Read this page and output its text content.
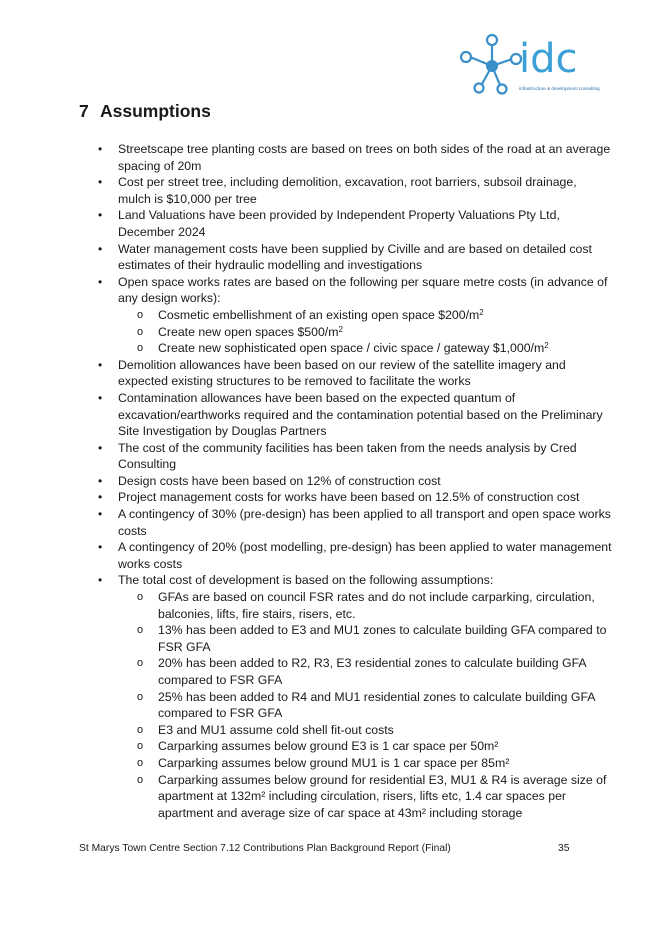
idc
infrastructure & development consulting
7 Assumptions
• Streetscape tree planting costs are based on trees on both sides of the road at an average spacing of 20m
• Cost per street tree, including demolition, excavation, root barriers, subsoil drainage, mulch is $10,000 per tree
• Land Valuations have been provided by Independent Property Valuations Pty Ltd, December 2024
• Water management costs have been supplied by Civille and are based on detailed cost estimates of their hydraulic modelling and investigations
• Open space works rates are based on the following per square metre costs (in advance of any design works):
o Cosmetic embellishment of an existing open space $\$200/m^2$
o Create new open spaces $\$500/m^2$
o Create new sophisticated open space / civic space / gateway $\$1,000/m^2$
• Demolition allowances have been based on our review of the satellite imagery and expected existing structures to be removed to facilitate the works
• Contamination allowances have been based on the expected quantum of excavation/earthworks required and the contamination potential based on the Preliminary Site Investigation by Douglas Partners
• The cost of the community facilities has been taken from the needs analysis by Cred Consulting
• Design costs have been based on 12% of construction cost
• Project management costs for works have been based on 12.5% of construction cost
• A contingency of 30% (pre-design) has been applied to all transport and open space works costs
• A contingency of 20% (post modelling, pre-design) has been applied to water management works costs
• The total cost of development is based on the following assumptions:
o GFAs are based on council FSR rates and do not include carparking, circulation, balconies, lifts, fire stairs, risers, etc.
o 13% has been added to E3 and MU1 zones to calculate building GFA compared to FSR GFA
o 20% has been added to R2, R3, E3 residential zones to calculate building GFA compared to FSR GFA
o 25% has been added to R4 and MU1 residential zones to calculate building GFA compared to FSR GFA
o E3 and MU1 assume cold shell fit-out costs
o Carparking assumes below ground E3 is 1 car space per 50m²
o Carparking assumes below ground MU1 is 1 car space per 85m²
o Carparking assumes below ground for residential E3, MU1 & R4 is average size of apartment at 132m² including circulation, risers, lifts etc, 1.4 car spaces per apartment and average size of car space at 43m² including storage
St Marys Town Centre Section 7.12 Contributions Plan Background Report (Final)	35
